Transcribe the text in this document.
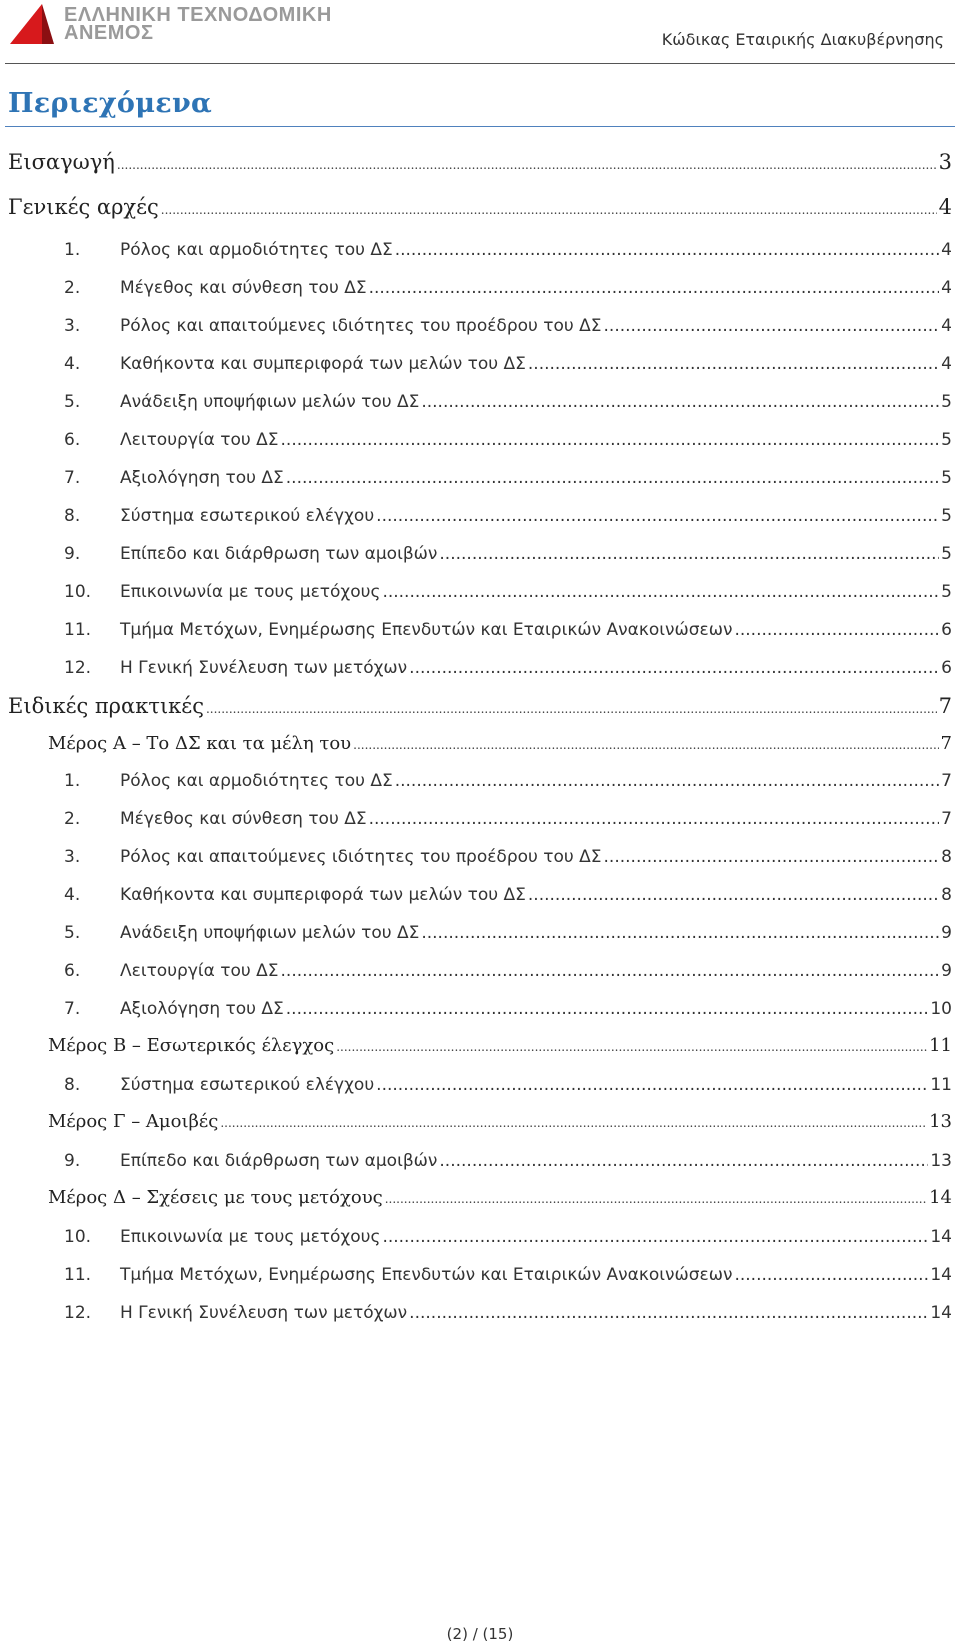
ΕΛΛΗΝΙΚΗ ΤΕΧΝΟΔΟΜΙΚΗ
ΑΝΕΜΟΣ	Κώδικας Εταιρικής Διακυβέρνησης
Περιεχόμενα
Εισαγωγή .....	3
Γενικές αρχές .....	4
1.	Ρόλος και αρμοδιότητες του ΔΣ .....	4
2.	Μέγεθος και σύνθεση του ΔΣ .....	4
3.	Ρόλος και απαιτούμενες ιδιότητες του προέδρου του ΔΣ .....	4
4.	Καθήκοντα και συμπεριφορά των μελών του ΔΣ .....	4
5.	Ανάδειξη υποψήφιων μελών του ΔΣ .....	5
6.	Λειτουργία του ΔΣ .....	5
7.	Αξιολόγηση του ΔΣ .....	5
8.	Σύστημα εσωτερικού ελέγχου .....	5
9.	Επίπεδο και διάρθρωση των αμοιβών .....	5
10.	Επικοινωνία με τους μετόχους .....	5
11.	Τμήμα Μετόχων, Ενημέρωσης Επενδυτών και Εταιρικών Ανακοινώσεων .....	6
12.	Η Γενική Συνέλευση των μετόχων .....	6
Ειδικές πρακτικές .....	7
Μέρος Α – Το ΔΣ και τα μέλη του .....	7
1.	Ρόλος και αρμοδιότητες του ΔΣ .....	7
2.	Μέγεθος και σύνθεση του ΔΣ .....	7
3.	Ρόλος και απαιτούμενες ιδιότητες του προέδρου του ΔΣ .....	8
4.	Καθήκοντα και συμπεριφορά των μελών του ΔΣ .....	8
5.	Ανάδειξη υποψήφιων μελών του ΔΣ .....	9
6.	Λειτουργία του ΔΣ .....	9
7.	Αξιολόγηση του ΔΣ .....	10
Μέρος Β – Εσωτερικός έλεγχος .....	11
8.	Σύστημα εσωτερικού ελέγχου .....	11
Μέρος Γ – Αμοιβές .....	13
9.	Επίπεδο και διάρθρωση των αμοιβών .....	13
Μέρος Δ – Σχέσεις με τους μετόχους .....	14
10.	Επικοινωνία με τους μετόχους .....	14
11.	Τμήμα Μετόχων, Ενημέρωσης Επενδυτών και Εταιρικών Ανακοινώσεων .....	14
12.	Η Γενική Συνέλευση των μετόχων .....	14
(2) / (15)
